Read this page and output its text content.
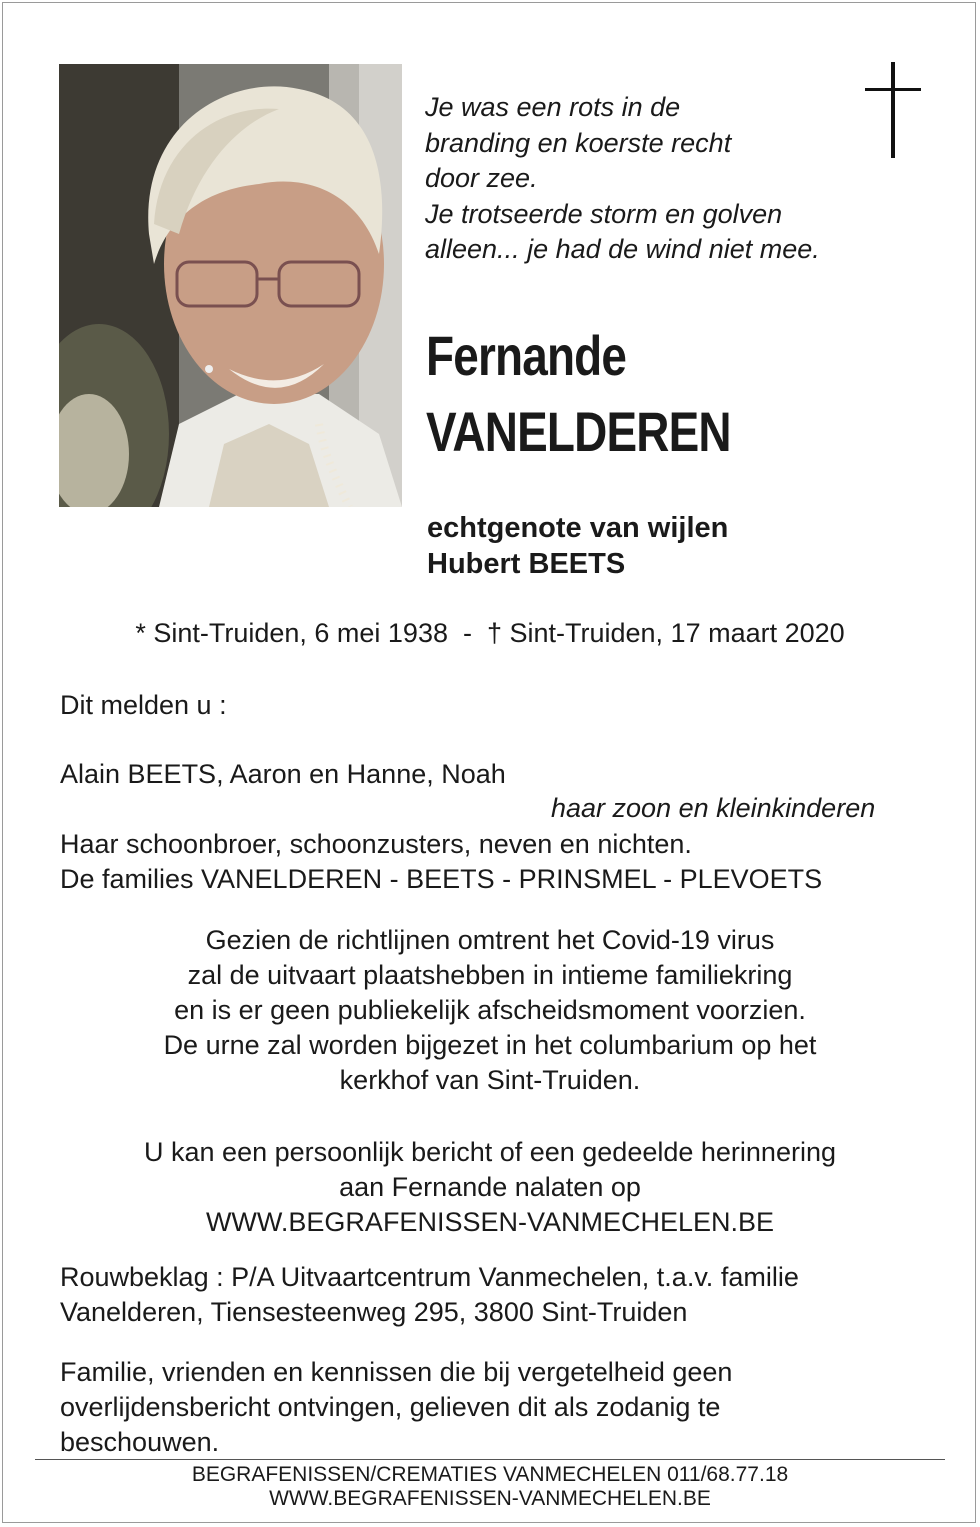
Je was een rots in de
branding en koerste recht
door zee.
Je trotseerde storm en golven
alleen... je had de wind niet mee.
Fernande
VANELDEREN
echtgenote van wijlen
Hubert BEETS
* Sint-Truiden, 6 mei 1938  -  † Sint-Truiden, 17 maart 2020
Dit melden u :
Alain BEETS, Aaron en Hanne, Noah
haar zoon en kleinkinderen
Haar schoonbroer, schoonzusters, neven en nichten.
De families VANELDEREN - BEETS - PRINSMEL - PLEVOETS
Gezien de richtlijnen omtrent het Covid-19 virus
zal de uitvaart plaatshebben in intieme familiekring
en is er geen publiekelijk afscheidsmoment voorzien.
De urne zal worden bijgezet in het columbarium op het
kerkhof van Sint-Truiden.
U kan een persoonlijk bericht of een gedeelde herinnering
aan Fernande nalaten op
WWW.BEGRAFENISSEN-VANMECHELEN.BE
Rouwbeklag : P/A Uitvaartcentrum Vanmechelen, t.a.v. familie
Vanelderen, Tiensesteenweg 295, 3800 Sint-Truiden
Familie, vrienden en kennissen die bij vergetelheid geen
overlijdensbericht ontvingen, gelieven dit als zodanig te
beschouwen.
BEGRAFENISSEN/CREMATIES VANMECHELEN 011/68.77.18
WWW.BEGRAFENISSEN-VANMECHELEN.BE
